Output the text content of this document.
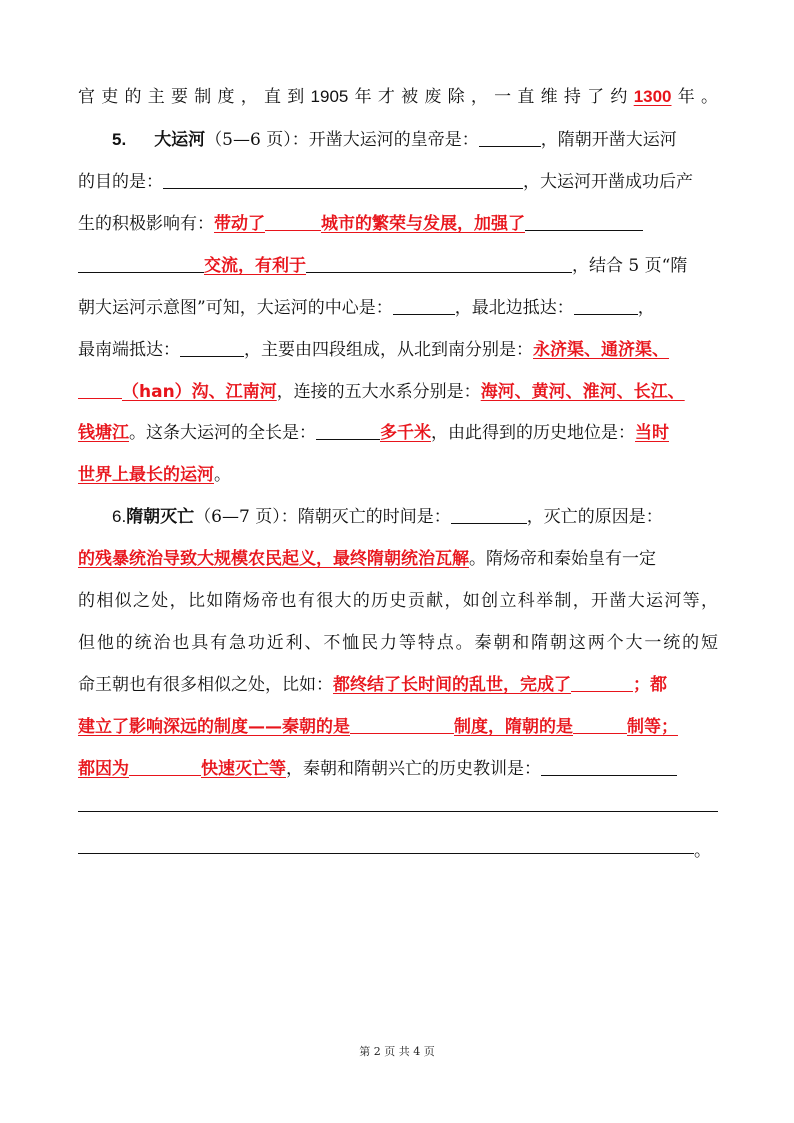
官吏的主要制度，直到1905年才被废除，一直维持了约1300年。
5. 大运河（5—6 页）：开凿大运河的皇帝是：	，隋朝开凿大运河
的目的是：	，大运河开凿成功后产
生的积极影响有：带动了	城市的繁荣与发展，加强了
交流，有利于	，结合 5 页“隋
朝大运河示意图”可知，大运河的中心是：	，最北边抵达：	，
最南端抵达：	，主要由四段组成，从北到南分别是：永济渠、通济渠、
（han）沟、江南河，连接的五大水系分别是：海河、黄河、淮河、长江、
钱塘江。这条大运河的全长是：	多千米，由此得到的历史地位是：当时
世界上最长的运河。
6.隋朝灭亡（6—7 页）：隋朝灭亡的时间是：	，灭亡的原因是：
的残暴统治导致大规模农民起义，最终隋朝统治瓦解。隋炀帝和秦始皇有一定
的相似之处，比如隋炀帝也有很大的历史贡献，如创立科举制，开凿大运河等，
但他的统治也具有急功近利、不恤民力等特点。秦朝和隋朝这两个大一统的短
命王朝也有很多相似之处，比如：都终结了长时间的乱世，完成了	；都
建立了影响深远的制度——秦朝的是	制度，隋朝的是	制等；
都因为	快速灭亡等，秦朝和隋朝兴亡的历史教训是：
。
第 2 页 共 4 页
